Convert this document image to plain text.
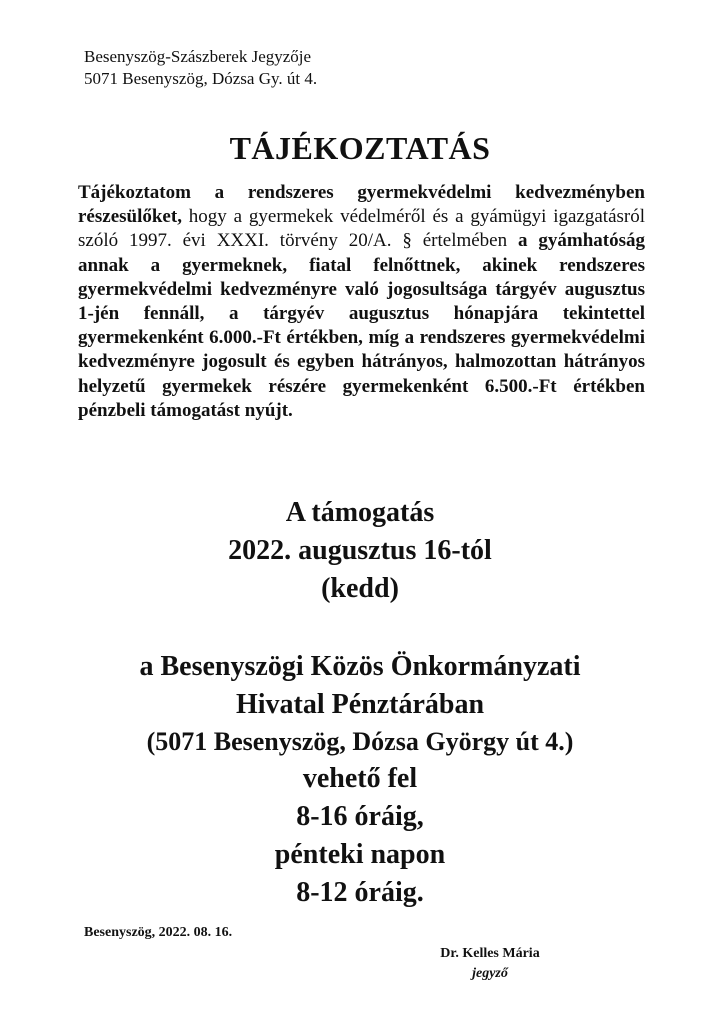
Besenyszög-Szászberek Jegyzője
5071 Besenyszög, Dózsa Gy. út 4.
TÁJÉKOZTATÁS
Tájékoztatom a rendszeres gyermekvédelmi kedvezményben részesülőket, hogy a gyermekek védelméről és a gyámügyi igazgatásról szóló 1997. évi XXXI. törvény 20/A. § értelmében a gyámhatóság annak a gyermeknek, fiatal felnőttnek, akinek rendszeres gyermekvédelmi kedvezményre való jogosultsága tárgyév augusztus 1-jén fennáll, a tárgyév augusztus hónapjára tekintettel gyermekenként 6.000.-Ft értékben, míg a rendszeres gyermekvédelmi kedvezményre jogosult és egyben hátrányos, halmozottan hátrányos helyzetű gyermekek részére gyermekenként 6.500.-Ft értékben pénzbeli támogatást nyújt.
A támogatás
2022. augusztus 16-tól
(kedd)
a Besenyszögi Közös Önkormányzati
Hivatal Pénztárában
(5071 Besenyszög, Dózsa György út 4.)
vehető fel
8-16 óráig,
pénteki napon
8-12 óráig.
Besenyszög, 2022. 08. 16.
Dr. Kelles Mária
jegyző
